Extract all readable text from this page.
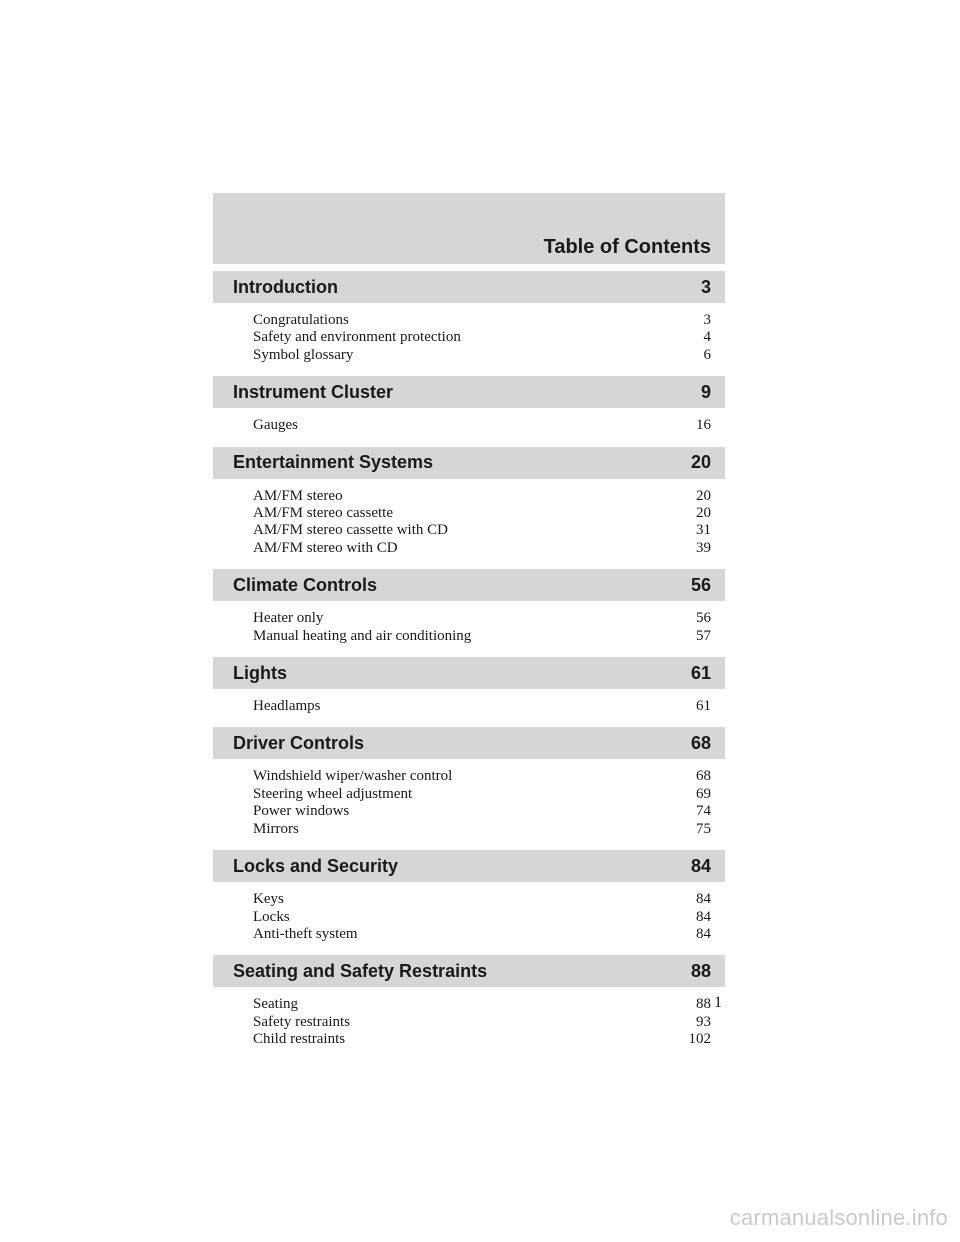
Table of Contents
Introduction	3
Congratulations	3
Safety and environment protection	4
Symbol glossary	6
Instrument Cluster	9
Gauges	16
Entertainment Systems	20
AM/FM stereo	20
AM/FM stereo cassette	20
AM/FM stereo cassette with CD	31
AM/FM stereo with CD	39
Climate Controls	56
Heater only	56
Manual heating and air conditioning	57
Lights	61
Headlamps	61
Driver Controls	68
Windshield wiper/washer control	68
Steering wheel adjustment	69
Power windows	74
Mirrors	75
Locks and Security	84
Keys	84
Locks	84
Anti-theft system	84
Seating and Safety Restraints	88
Seating	88
Safety restraints	93
Child restraints	102
1
carmanualsonline.info
